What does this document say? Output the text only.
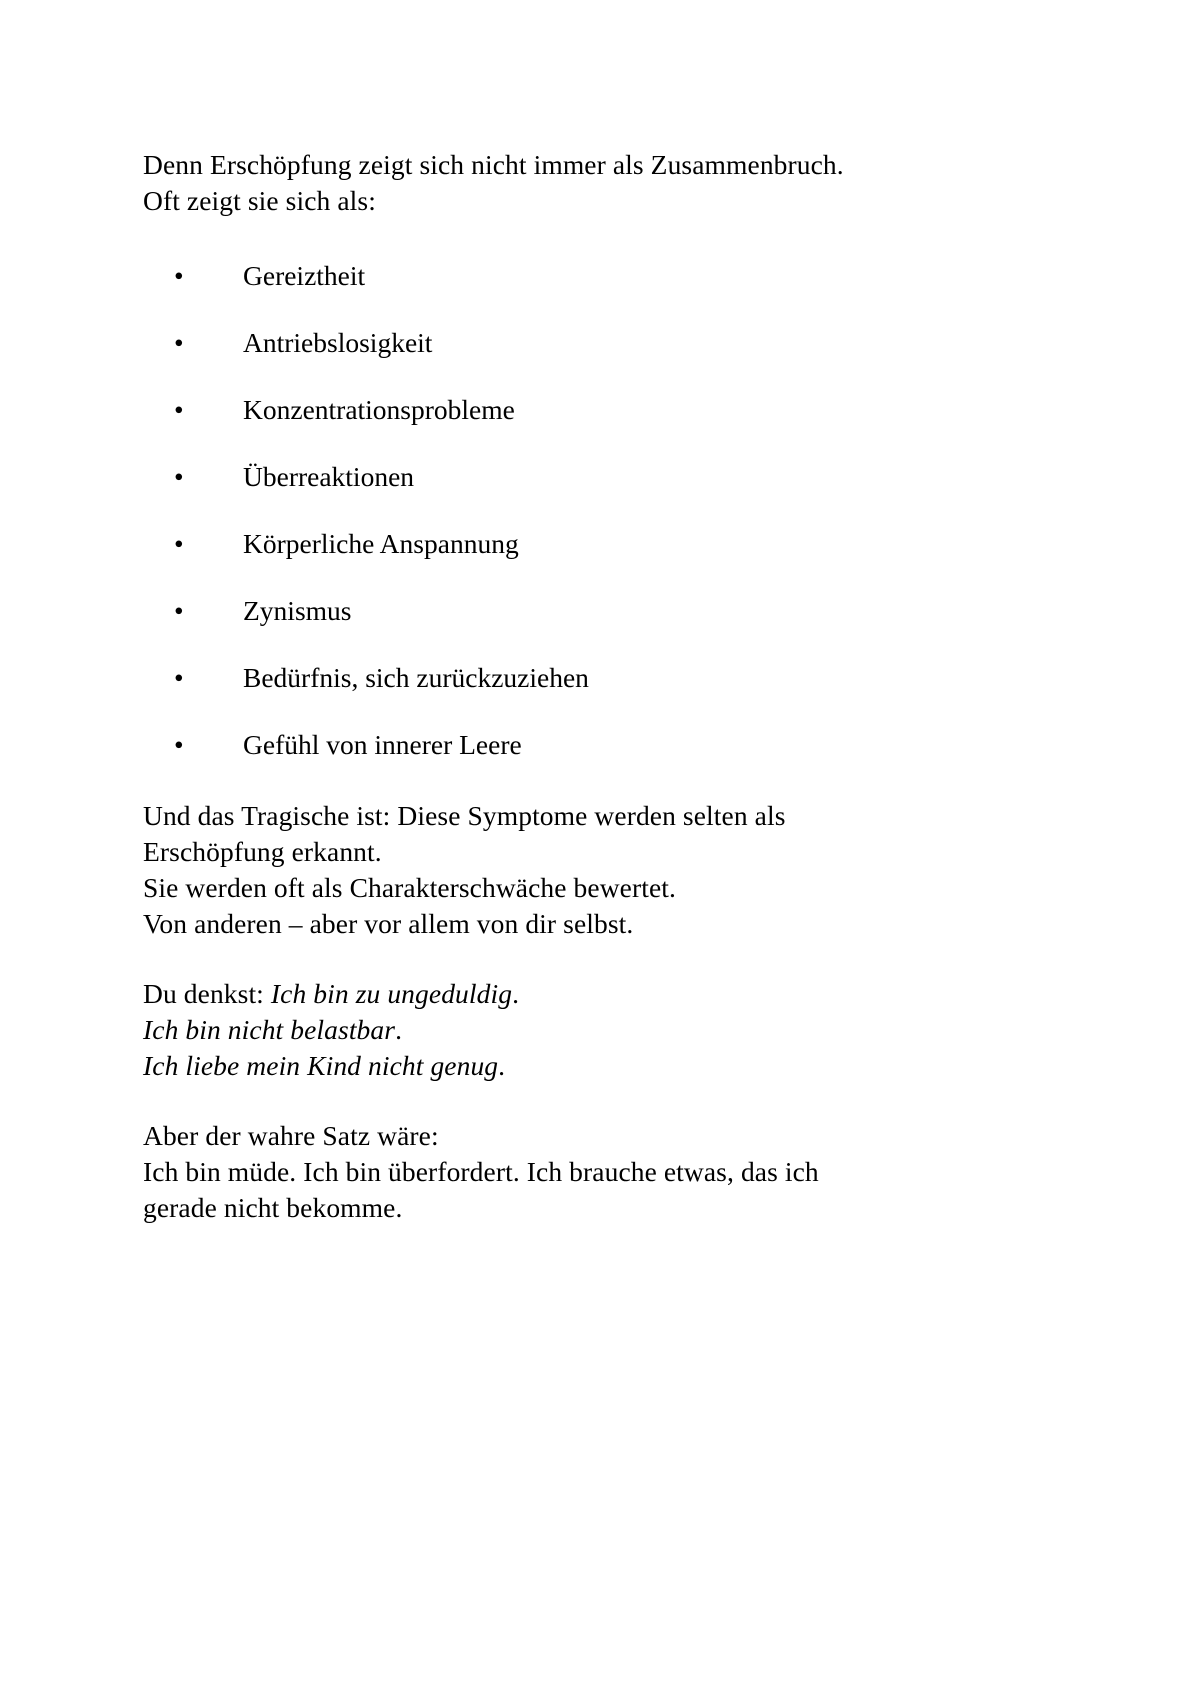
Denn Erschöpfung zeigt sich nicht immer als Zusammenbruch.
Oft zeigt sie sich als:

• Gereiztheit
• Antriebslosigkeit
• Konzentrationsprobleme
• Überreaktionen
• Körperliche Anspannung
• Zynismus
• Bedürfnis, sich zurückzuziehen
• Gefühl von innerer Leere

Und das Tragische ist: Diese Symptome werden selten als
Erschöpfung erkannt.
Sie werden oft als Charakterschwäche bewertet.
Von anderen – aber vor allem von dir selbst.

Du denkst: Ich bin zu ungeduldig.
Ich bin nicht belastbar.
Ich liebe mein Kind nicht genug.

Aber der wahre Satz wäre:
Ich bin müde. Ich bin überfordert. Ich brauche etwas, das ich
gerade nicht bekomme.
